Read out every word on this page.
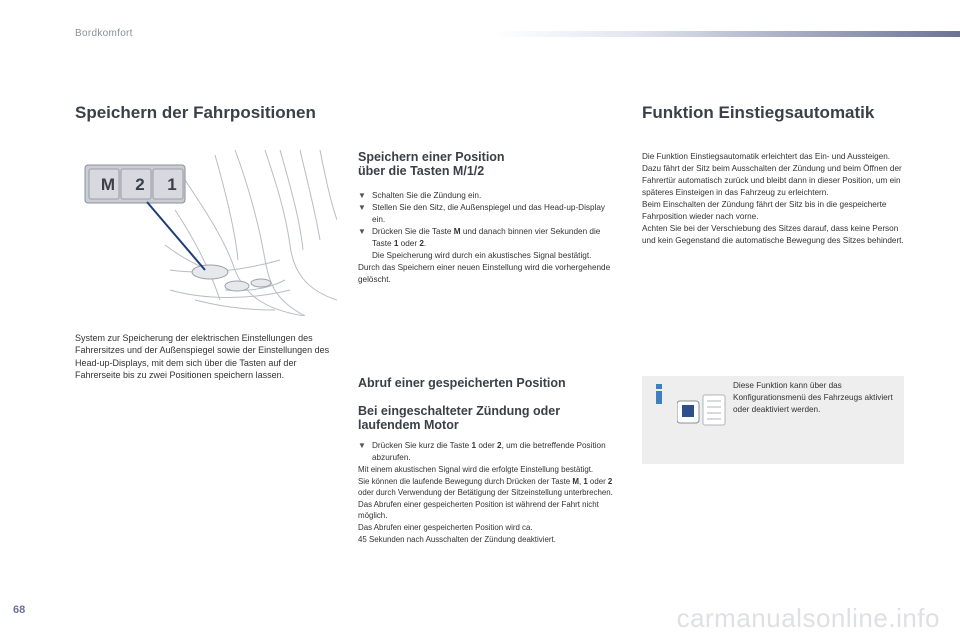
Bordkomfort
Speichern der Fahrpositionen
M	2	1

System zur Speicherung der elektrischen Einstellungen des Fahrersitzes und der Außenspiegel sowie der Einstellungen des Head-up-Displays, mit dem sich über die Tasten auf der Fahrerseite bis zu zwei Positionen speichern lassen.

Speichern einer Position
über die Tasten M/1/2
▼ Schalten Sie die Zündung ein.
▼ Stellen Sie den Sitz, die Außenspiegel und das Head-up-Display ein.
▼ Drücken Sie die Taste M und danach binnen vier Sekunden die Taste 1 oder 2.
Die Speicherung wird durch ein akustisches Signal bestätigt.

Durch das Speichern einer neuen Einstellung wird die vorhergehende gelöscht.

Abruf einer gespeicherten Position
Bei eingeschalteter Zündung oder
laufendem Motor
▼ Drücken Sie kurz die Taste 1 oder 2, um die betreffende Position abzurufen.

Mit einem akustischen Signal wird die erfolgte Einstellung bestätigt.

Sie können die laufende Bewegung durch Drücken der Taste M, 1 oder 2 oder durch Verwendung der Betätigung der Sitzeinstellung unterbrechen.

Das Abrufen einer gespeicherten Position ist während der Fahrt nicht möglich.

Das Abrufen einer gespeicherten Position wird ca.

45 Sekunden nach Ausschalten der Zündung deaktiviert.

Funktion Einstiegsautomatik

Die Funktion Einstiegsautomatik erleichtert das Ein- und Aussteigen.

Dazu fährt der Sitz beim Ausschalten der Zündung und beim Öffnen der Fahrertür automatisch zurück und bleibt dann in dieser Position, um ein späteres Einsteigen in das Fahrzeug zu erleichtern.

Beim Einschalten der Zündung fährt der Sitz bis in die gespeicherte Fahrposition wieder nach vorne.

Achten Sie bei der Verschiebung des Sitzes darauf, dass keine Person und kein Gegenstand die automatische Bewegung des Sitzes behindert.

Diese Funktion kann über das Konfigurationsmenü des Fahrzeugs aktiviert oder deaktiviert werden.

68	carmanualsonline.info
